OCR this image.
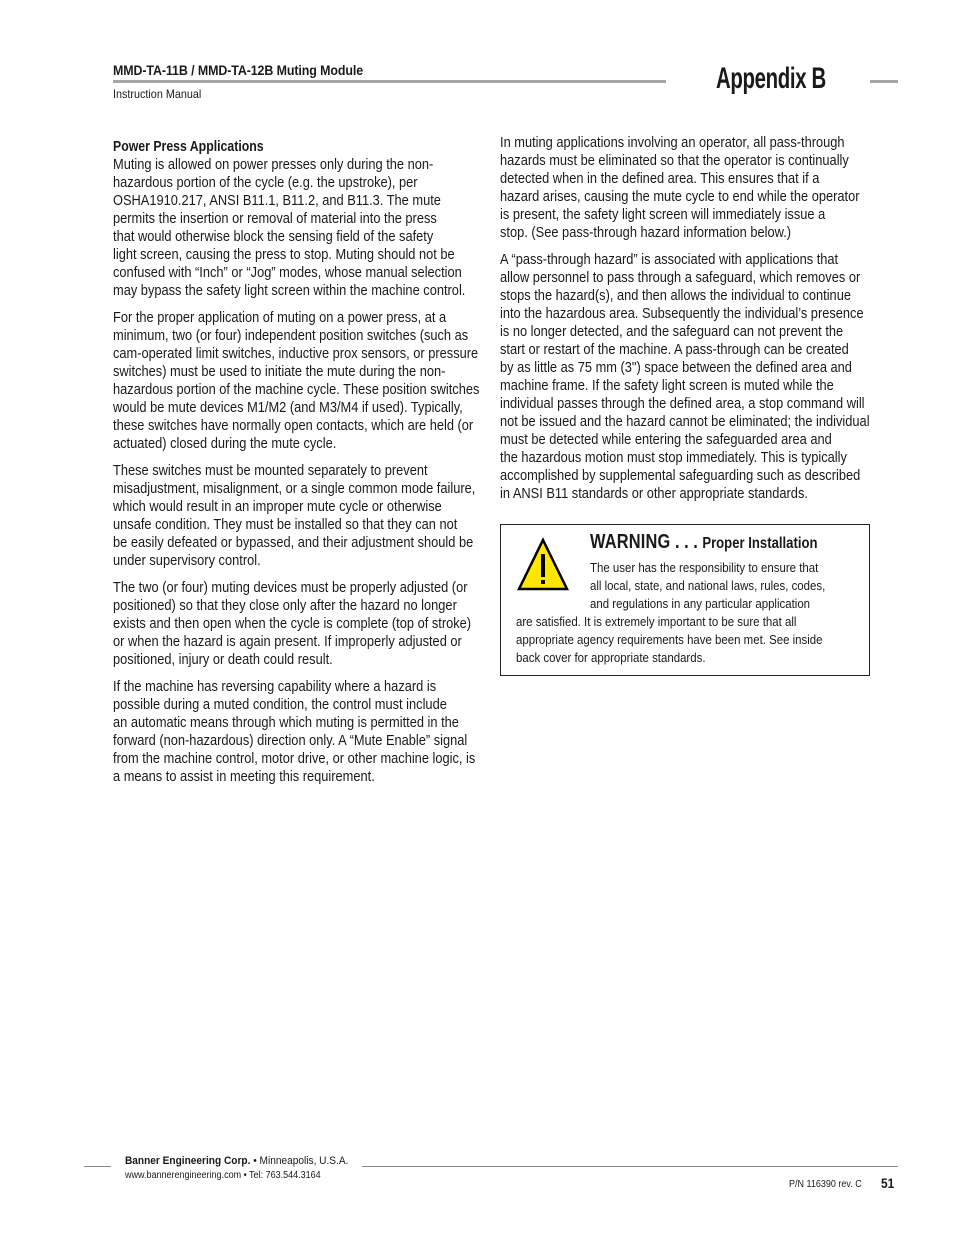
MMD-TA-11B / MMD-TA-12B Muting Module
Instruction Manual	Appendix B
Power Press Applications

Muting is allowed on power presses only during the non-
hazardous portion of the cycle (e.g. the upstroke), per
OSHA1910.217, ANSI B11.1, B11.2, and B11.3. The mute
permits the insertion or removal of material into the press
that would otherwise block the sensing field of the safety
light screen, causing the press to stop. Muting should not be
confused with “Inch” or “Jog” modes, whose manual selection
may bypass the safety light screen within the machine control.

For the proper application of muting on a power press, at a
minimum, two (or four) independent position switches (such as
cam-operated limit switches, inductive prox sensors, or pressure
switches) must be used to initiate the mute during the non-
hazardous portion of the machine cycle. These position switches
would be mute devices M1/M2 (and M3/M4 if used). Typically,
these switches have normally open contacts, which are held (or
actuated) closed during the mute cycle.

These switches must be mounted separately to prevent
misadjustment, misalignment, or a single common mode failure,
which would result in an improper mute cycle or otherwise
unsafe condition. They must be installed so that they can not
be easily defeated or bypassed, and their adjustment should be
under supervisory control.

The two (or four) muting devices must be properly adjusted (or
positioned) so that they close only after the hazard no longer
exists and then open when the cycle is complete (top of stroke)
or when the hazard is again present. If improperly adjusted or
positioned, injury or death could result.

If the machine has reversing capability where a hazard is
possible during a muted condition, the control must include
an automatic means through which muting is permitted in the
forward (non-hazardous) direction only. A “Mute Enable” signal
from the machine control, motor drive, or other machine logic, is
a means to assist in meeting this requirement.

In muting applications involving an operator, all pass-through
hazards must be eliminated so that the operator is continually
detected when in the defined area. This ensures that if a
hazard arises, causing the mute cycle to end while the operator
is present, the safety light screen will immediately issue a
stop. (See pass-through hazard information below.)

A “pass-through hazard” is associated with applications that
allow personnel to pass through a safeguard, which removes or
stops the hazard(s), and then allows the individual to continue
into the hazardous area. Subsequently the individual’s presence
is no longer detected, and the safeguard can not prevent the
start or restart of the machine. A pass-through can be created
by as little as 75 mm (3") space between the defined area and
machine frame. If the safety light screen is muted while the
individual passes through the defined area, a stop command will
not be issued and the hazard cannot be eliminated; the individual
must be detected while entering the safeguarded area and
the hazardous motion must stop immediately. This is typically
accomplished by supplemental safeguarding such as described
in ANSI B11 standards or other appropriate standards.

WARNING . . . Proper Installation
The user has the responsibility to ensure that
all local, state, and national laws, rules, codes,
and regulations in any particular application
are satisfied. It is extremely important to be sure that all
appropriate agency requirements have been met. See inside
back cover for appropriate standards.
Banner Engineering Corp. • Minneapolis, U.S.A.
www.bannerengineering.com • Tel: 763.544.3164
P/N 116390 rev. C 51
